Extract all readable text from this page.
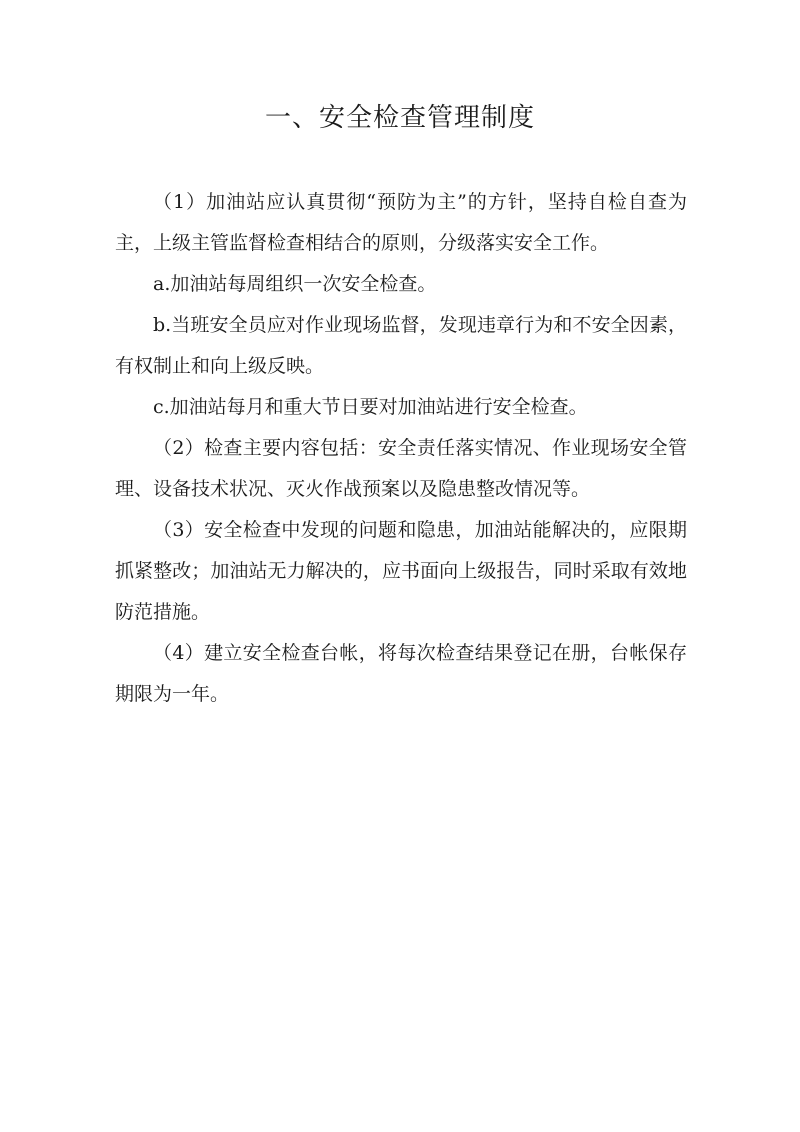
一、安全检查管理制度

（1）加油站应认真贯彻“预防为主”的方针，坚持自检自查为主，上级主管监督检查相结合的原则，分级落实安全工作。

a.加油站每周组织一次安全检查。

b.当班安全员应对作业现场监督，发现违章行为和不安全因素，有权制止和向上级反映。

c.加油站每月和重大节日要对加油站进行安全检查。

（2）检查主要内容包括：安全责任落实情况、作业现场安全管理、设备技术状况、灭火作战预案以及隐患整改情况等。

（3）安全检查中发现的问题和隐患，加油站能解决的，应限期抓紧整改；加油站无力解决的，应书面向上级报告，同时采取有效地防范措施。

（4）建立安全检查台帐，将每次检查结果登记在册，台帐保存期限为一年。
